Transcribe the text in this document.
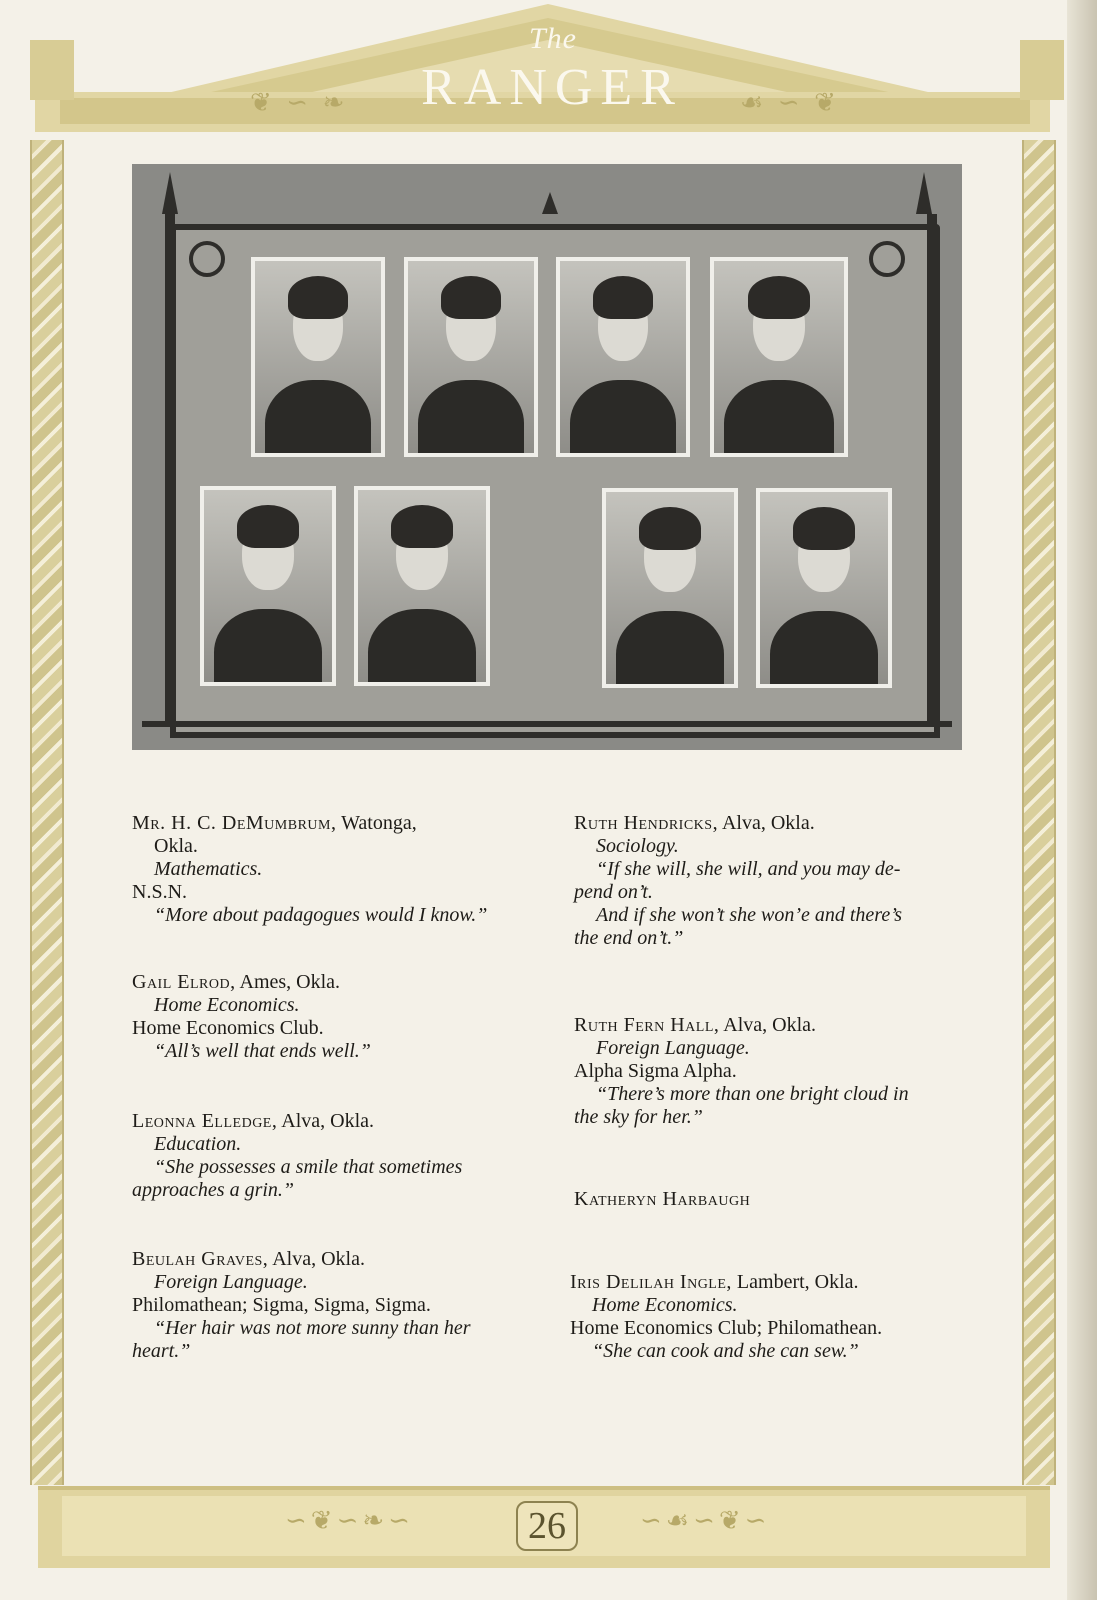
The
RANGER
❦ ∽ ❧	☙ ∽ ❦
∽❦∽❧∽	∽☙∽❦∽
26
Mr. H. C. DeMumbrum, Watonga,
Okla.
Mathematics.
N.S.N.
“More about padagogues would I know.”
Gail Elrod, Ames, Okla.
Home Economics.
Home Economics Club.
“All’s well that ends well.”
Leonna Elledge, Alva, Okla.
Education.
“She possesses a smile that sometimes
approaches a grin.”
Beulah Graves, Alva, Okla.
Foreign Language.
Philomathean; Sigma, Sigma, Sigma.
“Her hair was not more sunny than her
heart.”
Ruth Hendricks, Alva, Okla.
Sociology.
“If she will, she will, and you may de-
pend on’t.
And if she won’t she won’e and there’s
the end on’t.”
Ruth Fern Hall, Alva, Okla.
Foreign Language.
Alpha Sigma Alpha.
“There’s more than one bright cloud in
the sky for her.”
Katheryn Harbaugh
Iris Delilah Ingle, Lambert, Okla.
Home Economics.
Home Economics Club; Philomathean.
“She can cook and she can sew.”
